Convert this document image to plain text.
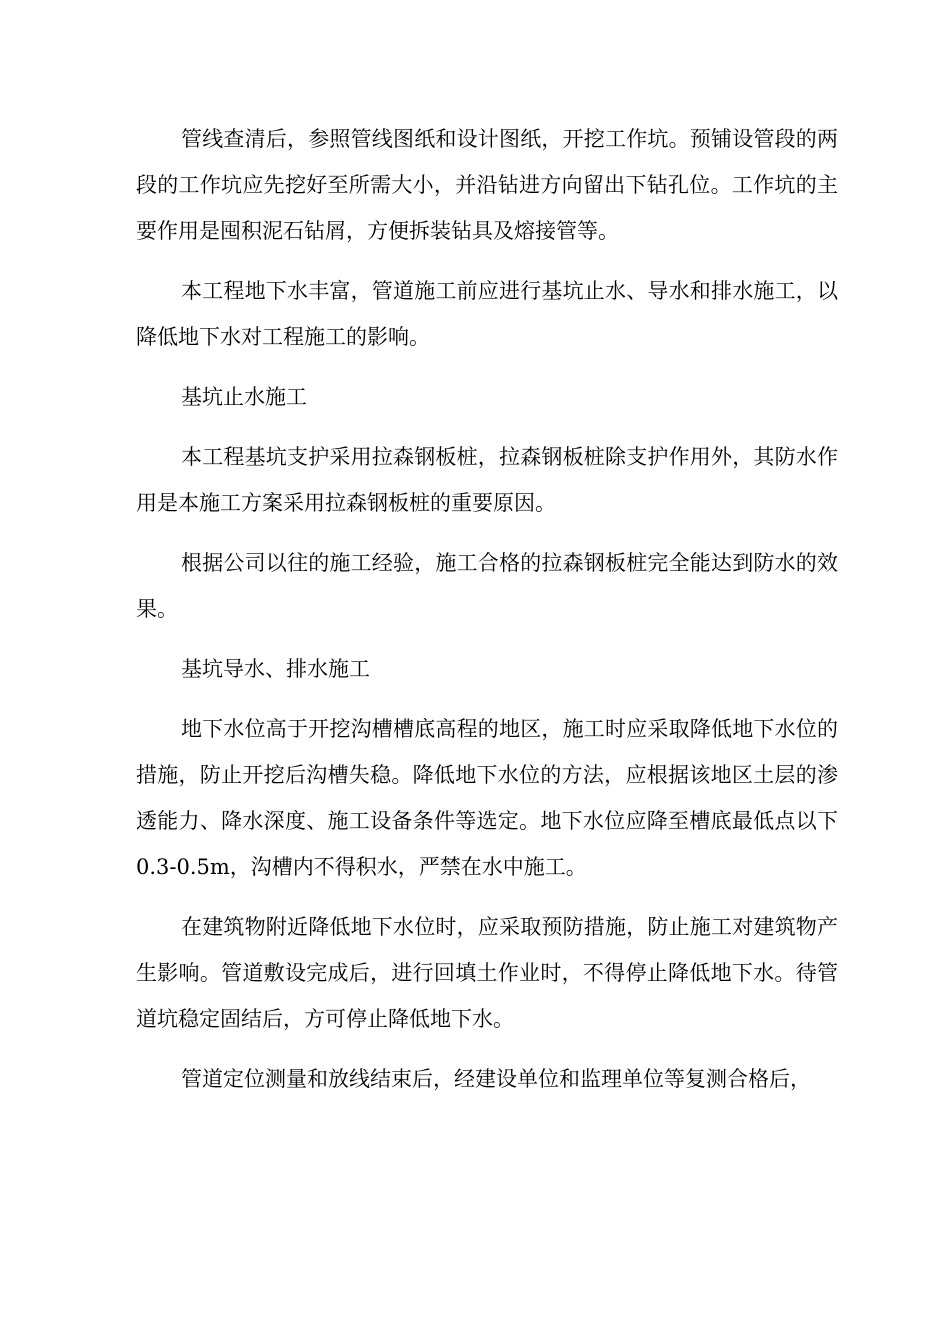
管线查清后，参照管线图纸和设计图纸，开挖工作坑。预铺设管段的两段的工作坑应先挖好至所需大小，并沿钻进方向留出下钻孔位。工作坑的主要作用是囤积泥石钻屑，方便拆装钻具及熔接管等。

本工程地下水丰富，管道施工前应进行基坑止水、导水和排水施工，以降低地下水对工程施工的影响。

基坑止水施工

本工程基坑支护采用拉森钢板桩，拉森钢板桩除支护作用外，其防水作用是本施工方案采用拉森钢板桩的重要原因。

根据公司以往的施工经验，施工合格的拉森钢板桩完全能达到防水的效果。

基坑导水、排水施工

地下水位高于开挖沟槽槽底高程的地区，施工时应采取降低地下水位的措施，防止开挖后沟槽失稳。降低地下水位的方法，应根据该地区土层的渗透能力、降水深度、施工设备条件等选定。地下水位应降至槽底最低点以下 0.3-0.5m，沟槽内不得积水，严禁在水中施工。

在建筑物附近降低地下水位时，应采取预防措施，防止施工对建筑物产生影响。管道敷设完成后，进行回填土作业时，不得停止降低地下水。待管道坑稳定固结后，方可停止降低地下水。

管道定位测量和放线结束后，经建设单位和监理单位等复测合格后，
